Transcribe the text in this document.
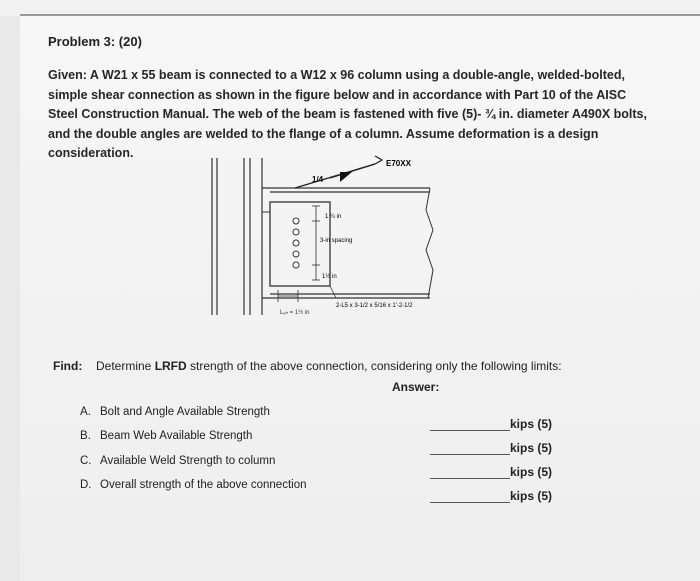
Problem 3: (20)
Given: A W21 x 55 beam is connected to a W12 x 96 column using a double-angle, welded-bolted, simple shear connection as shown in the figure below and in accordance with Part 10 of the AISC Steel Construction Manual. The web of the beam is fastened with five (5)- ¾ in. diameter A490X bolts, and the double angles are welded to the flange of a column. Assume deformation is a design consideration.
1/4
E70XX
1 ¼ in
3-in spacing
1½ in
2-L5 x 3-1/2 x 5/16 x 1'-2-1/2
Lₑₕ = 1½ in
Find: Determine LRFD strength of the above connection, considering only the following limits:
Answer:
A. Bolt and Angle Available Strength
B. Beam Web Available Strength
C. Available Weld Strength to column
D. Overall strength of the above connection
kips (5)
kips (5)
kips (5)
kips (5)
